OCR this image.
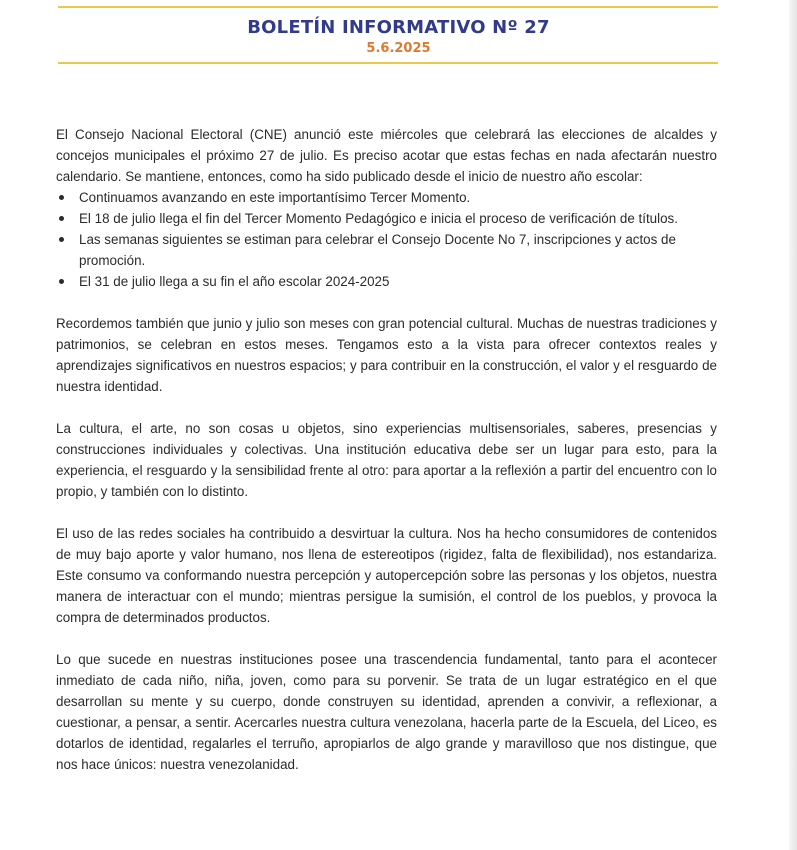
BOLETÍN INFORMATIVO Nº 27
5.6.2025

El Consejo Nacional Electoral (CNE) anunció este miércoles que celebrará las elecciones de alcaldes y concejos municipales el próximo 27 de julio. Es preciso acotar que estas fechas en nada afectarán nuestro calendario. Se mantiene, entonces, como ha sido publicado desde el inicio de nuestro año escolar:

Continuamos avanzando en este importantísimo Tercer Momento.
El 18 de julio llega el fin del Tercer Momento Pedagógico e inicia el proceso de verificación de títulos.
Las semanas siguientes se estiman para celebrar el Consejo Docente No 7, inscripciones y actos de promoción.
El 31 de julio llega a su fin el año escolar 2024-2025

Recordemos también que junio y julio son meses con gran potencial cultural. Muchas de nuestras tradiciones y patrimonios, se celebran en estos meses. Tengamos esto a la vista para ofrecer contextos reales y aprendizajes significativos en nuestros espacios; y para contribuir en la construcción, el valor y el resguardo de nuestra identidad.

La cultura, el arte, no son cosas u objetos, sino experiencias multisensoriales, saberes, presencias y construcciones individuales y colectivas. Una institución educativa debe ser un lugar para esto, para la experiencia, el resguardo y la sensibilidad frente al otro: para aportar a la reflexión a partir del encuentro con lo propio, y también con lo distinto.

El uso de las redes sociales ha contribuido a desvirtuar la cultura. Nos ha hecho consumidores de contenidos de muy bajo aporte y valor humano, nos llena de estereotipos (rigidez, falta de flexibilidad), nos estandariza. Este consumo va conformando nuestra percepción y autopercepción sobre las personas y los objetos, nuestra manera de interactuar con el mundo; mientras persigue la sumisión, el control de los pueblos, y provoca la compra de determinados productos.

Lo que sucede en nuestras instituciones posee una trascendencia fundamental, tanto para el acontecer inmediato de cada niño, niña, joven, como para su porvenir. Se trata de un lugar estratégico en el que desarrollan su mente y su cuerpo, donde construyen su identidad, aprenden a convivir, a reflexionar, a cuestionar, a pensar, a sentir. Acercarles nuestra cultura venezolana, hacerla parte de la Escuela, del Liceo, es dotarlos de identidad, regalarles el terruño, apropiarlos de algo grande y maravilloso que nos distingue, que nos hace únicos: nuestra venezolanidad.
